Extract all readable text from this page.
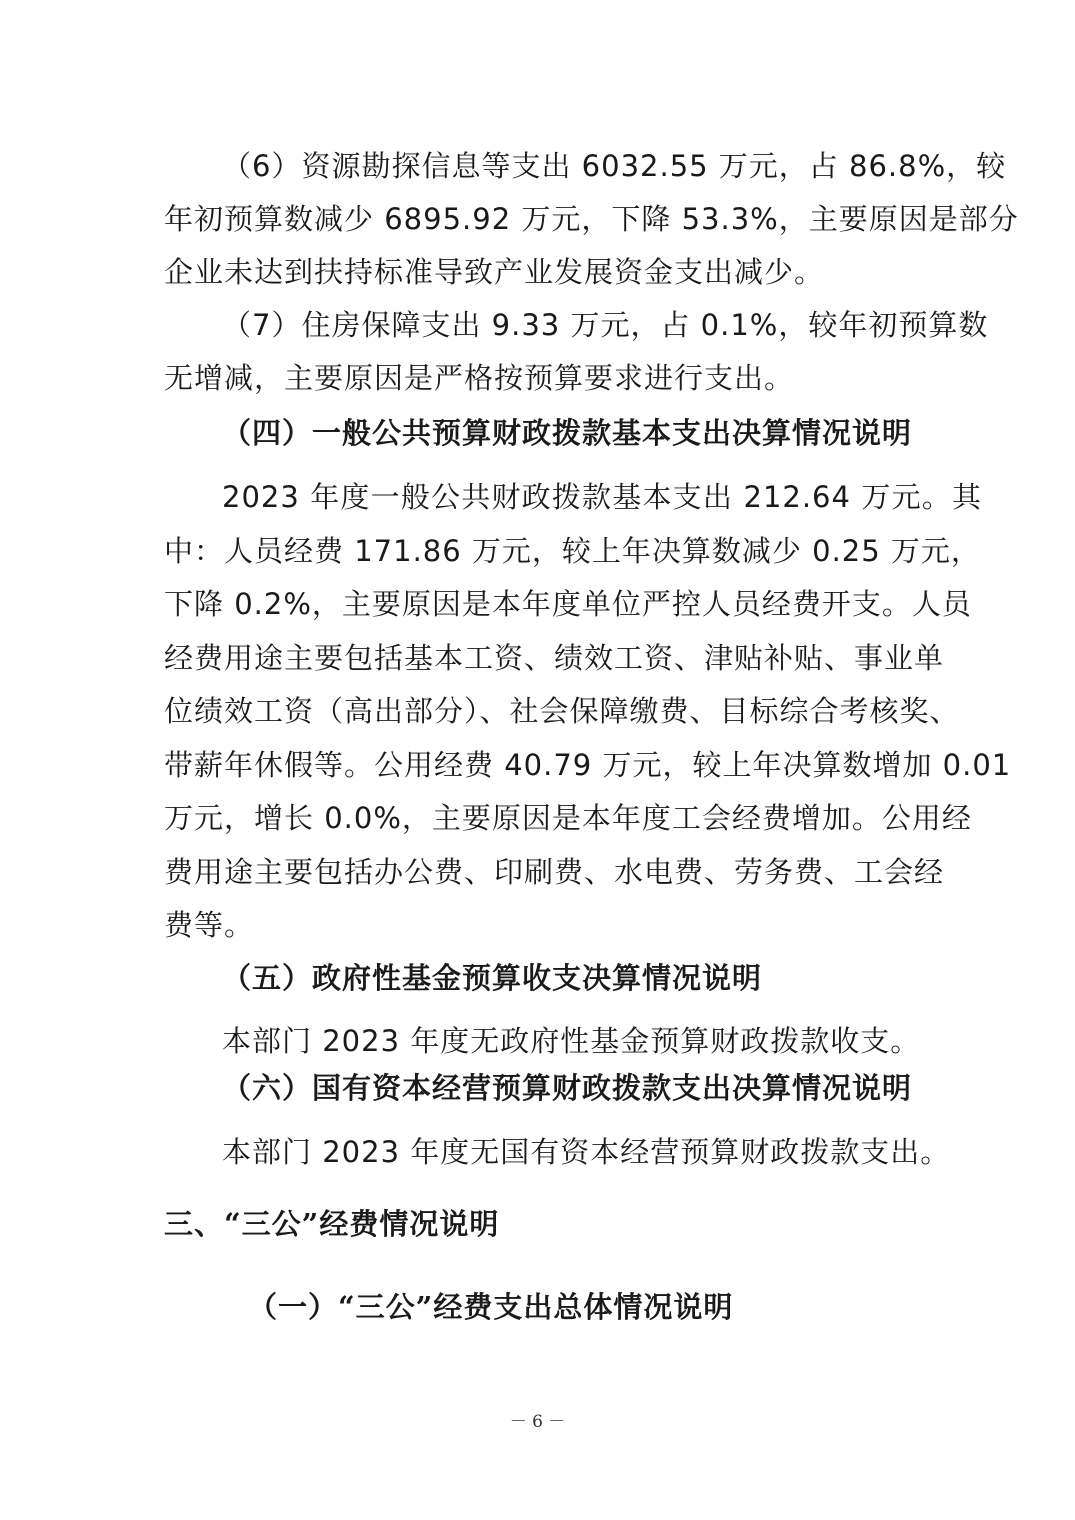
（6）资源勘探信息等支出 6032.55 万元，占 86.8%，较
年初预算数减少 6895.92 万元，下降 53.3%，主要原因是部分
企业未达到扶持标准导致产业发展资金支出减少。
（7）住房保障支出 9.33 万元，占 0.1%，较年初预算数
无增减，主要原因是严格按预算要求进行支出。
（四）一般公共预算财政拨款基本支出决算情况说明
2023 年度一般公共财政拨款基本支出 212.64 万元。其
中：人员经费 171.86 万元，较上年决算数减少 0.25 万元，
下降 0.2%，主要原因是本年度单位严控人员经费开支。人员
经费用途主要包括基本工资、绩效工资、津贴补贴、事业单
位绩效工资（高出部分）、社会保障缴费、目标综合考核奖、
带薪年休假等。公用经费 40.79 万元，较上年决算数增加 0.01
万元，增长 0.0%，主要原因是本年度工会经费增加。公用经
费用途主要包括办公费、印刷费、水电费、劳务费、工会经
费等。
（五）政府性基金预算收支决算情况说明
本部门 2023 年度无政府性基金预算财政拨款收支。
（六）国有资本经营预算财政拨款支出决算情况说明
本部门 2023 年度无国有资本经营预算财政拨款支出。
三、“三公”经费情况说明
（一）“三公”经费支出总体情况说明
－ 6 －
